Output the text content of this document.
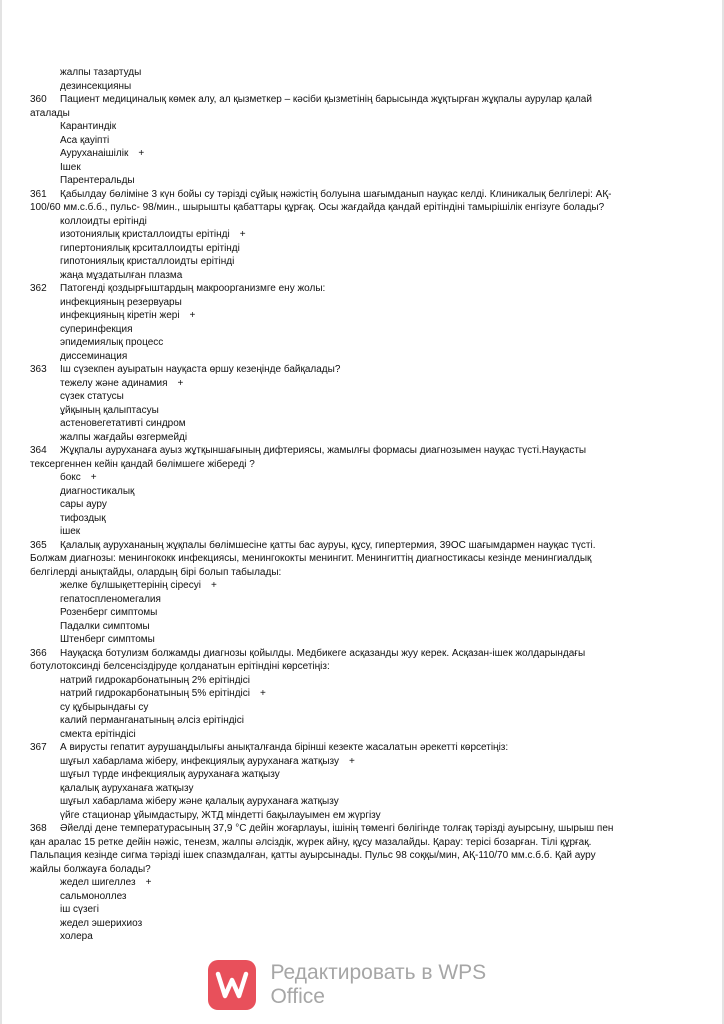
жалпы тазартуды
дезинсекцияны
360	Пациент медициналық көмек алу, ал қызметкер – кәсіби қызметінің барысында жұқтырған жұқпалы аурулар қалай
аталады
Карантиндік
Аса қауіпті
Ауруханаішілік +
Ішек
Парентеральды
361	Қабылдау бөлiмiне 3 күн бойы су тәрiздi сұйық нәжiстiң болуына шағымданып науқас келдi. Клиникалық белгiлерi: АҚ-
100/60 мм.с.б.б., пульс- 98/мин., шырышты қабаттары құрғақ. Осы жағдайда қандай ерiтiндiнi тамырiшiлiк енгiзуге болады?
коллоидты ерiтiндi
изотониялық кристаллоидты ерiтiндi +
гипертониялық крситаллоидты ерiтiндi
гипотониялық кристаллоидты ерiтiндi
жаңа мұздатылған плазма
362	Патогендi қоздырғыштардың макроорганизмге ену жолы:
инфекцияның резервуары
инфекцияның кiретiн жерi +
суперинфекция
эпидемиялық процесс
диссеминация
363	Iш сүзекпен ауыратын науқаста өршу кезеңiнде байқалады?
тежелу және адинамия +
сүзек статусы
ұйқының қалыптасуы
астеновегетативтi синдром
жалпы жағдайы өзгермейдi
364	Жұқпалы ауруханаға ауыз жұтқыншағының дифтериясы, жамылғы формасы диагнозымен науқас түстi.Науқасты
тексергеннен кейiн қандай бөлiмшеге жiбередi ?
бокс +
диагностикалық
сары ауру
тифоздық
iшек
365	Қалалық аурухананың жұқпалы бөлiмшесiне қатты бас ауруы, құсу, гипертермия, 39ОС шағымдармен науқас түстi.
Болжам диагнозы: менингококк инфекциясы, менингококты менингит. Менингиттiң диагностикасы кезiнде менингиалдық
белгiлердi анықтайды, олардың бiрi болып табылады:
желке бұлшықеттерiнiң сiресуi +
гепатоспленомегалия
Розенберг симптомы
Падалки симптомы
Штенберг симптомы
366	Науқасқа ботулизм болжамды диагнозы қойылды. Медбикеге асқазанды жуу керек. Асқазан-iшек жолдарындағы
ботулотоксиндi белсенсiздiруде қолданатын ерiтiндiнi көрсетiңiз:
натрий гидрокарбонатының 2% ерiтiндiсi
натрий гидрокарбонатының 5% ерiтiндiсi +
су құбырындағы су
калий перманганатының әлсiз ерiтiндiсi
смекта ерiтiндiсi
367	А вирусты гепатит аурушаңдылығы анықталғанда бiрiншi кезекте жасалатын әрекеттi көрсетiңiз:
шұғыл хабарлама жiберу, инфекциялық ауруханаға жатқызу +
шұғыл түрде инфекциялық ауруханаға жатқызу
қалалық ауруханаға жатқызу
шұғыл хабарлама жiберу және қалалық ауруханаға жатқызу
үйге стационар ұйымдастыру, ЖТД мiндеттi бақылауымен ем жүргiзу
368	Әйелдi дене температурасының 37,9 °С дейiн жоғарлауы, iшiнiң төменгi бөлiгiнде толғақ тәрiздi ауырсыну, шырыш пен
қан аралас 15 ретке дейiн нәжiс, тенезм, жалпы әлсiздiк, жүрек айну, құсу мазалайды. Қарау: терiсi бозарған. Тiлi құрғақ.
Пальпация кезiнде сигма тәрiздi iшек спазмдалған, қатты ауырсынады. Пульс 98 соққы/мин, АҚ-110/70 мм.с.б.б. Қай ауру
жайлы болжауға болады?
жедел шигеллез +
сальмоноллез
iш сүзегi
жедел эшерихиоз
холера
Редактировать в WPS Office
